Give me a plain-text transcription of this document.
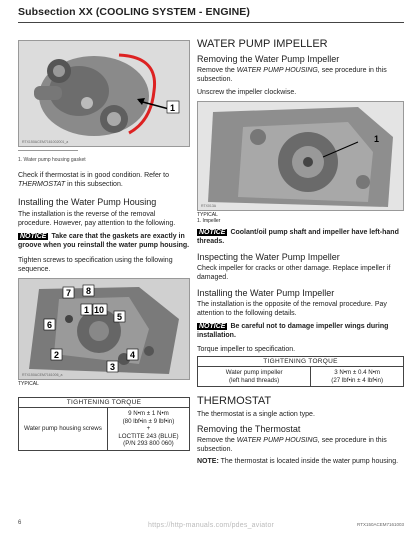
Subsection XX (COOLING SYSTEM - ENGINE)
1
RTX150ACEM7161002001_a
1. Water pump housing gasket

Check if thermostat is in good condition. Refer to THERMOSTAT in this subsection.

Installing the Water Pump Housing

The installation is the reverse of the removal procedure. However, pay attention to the following.

NOTICE Take care that the gaskets are exactly in groove when you reinstall the water pump housing.

Tighten screws to specification using the following sequence.

7 8
1 10
5
6
2	4
3
RTX150ACEM7161006_a
TYPICAL
TIGHTENING TORQUE
Water pump housing screws	
9 N•m ± 1 N•m
(80 lbf•in ± 9 lbf•in)
+
LOCTITE 243 (BLUE)
(P/N 293 800 060)
WATER PUMP IMPELLER
Removing the Water Pump Impeller

Remove the WATER PUMP HOUSING, see procedure in this subsection.

Unscrew the impeller clockwise.

1
RTX013A
TYPICAL
1. Impeller

NOTICE Coolant/oil pump shaft and impeller have left-hand threads.

Inspecting the Water Pump Impeller

Check impeller for cracks or other damage. Replace impeller if damaged.

Installing the Water Pump Impeller

The installation is the opposite of the removal procedure. Pay attention to the following details.

NOTICE Be careful not to damage impeller wings during installation.

Torque impeller to specification.

TIGHTENING TORQUE

Water pump impeller
(left hand threads)

3 N•m ± 0.4 N•m
(27 lbf•in ± 4 lbf•in)
THERMOSTAT

The thermostat is a single action type.

Removing the Thermostat

Remove the WATER PUMP HOUSING, see procedure in this subsection.

NOTE: The thermostat is located inside the water pump housing.

6	https://http-manuals.com/pdes_aviator	RTX150ACEM7161003
